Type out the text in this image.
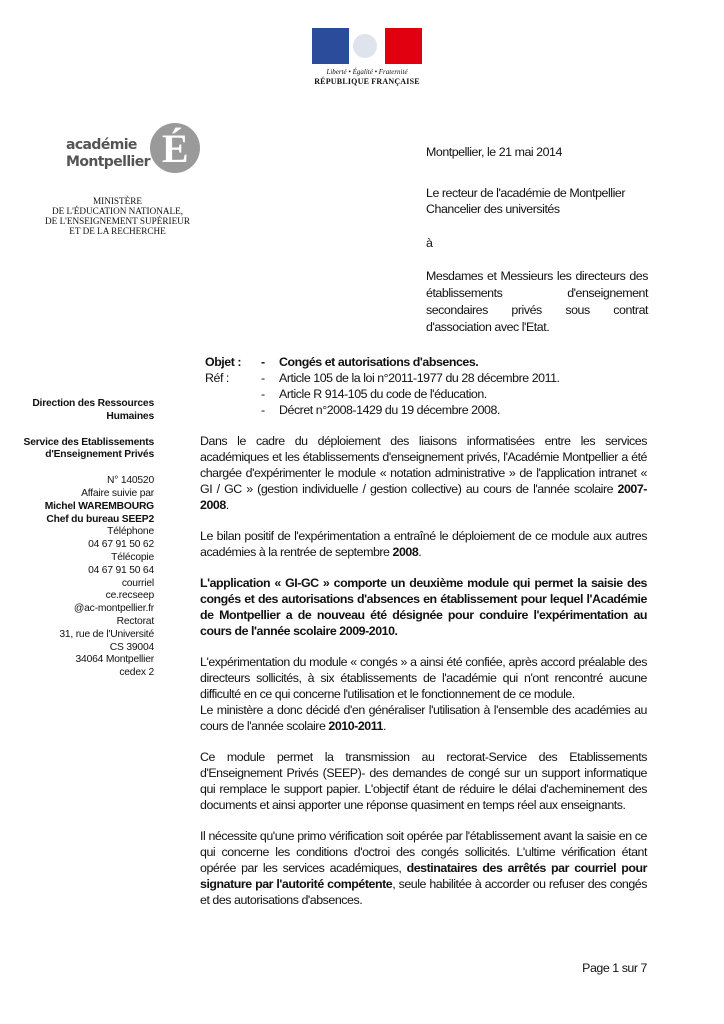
Liberté • Égalité • Fraternité
RÉPUBLIQUE FRANÇAISE
académie
Montpellier É
MINISTÈRE
DE L'ÉDUCATION NATIONALE,
DE L'ENSEIGNEMENT SUPÉRIEUR
ET DE LA RECHERCHE
Montpellier, le 21 mai 2014
Le recteur de l'académie de Montpellier
Chancelier des universités
à
Mesdames et Messieurs les directeurs des établissements d'enseignement secondaires privés sous contrat d'association avec l'Etat.
Direction des Ressources
Humaines
Service des Etablissements
d'Enseignement Privés
N° 140520
Affaire suivie par
Michel WAREMBOURG
Chef du bureau SEEP2
Téléphone
04 67 91 50 62
Télécopie
04 67 91 50 64
courriel
ce.recseep
@ac-montpellier.fr
Rectorat
31, rue de l'Université
CS 39004
34064 Montpellier
cedex 2
Objet :	-	Congés et autorisations d'absences.
Réf :	-	Article 105 de la loi n°2011-1977 du 28 décembre 2011.
-	Article R 914-105 du code de l'éducation.
-	Décret n°2008-1429 du 19 décembre 2008.
Dans le cadre du déploiement des liaisons informatisées entre les services académiques et les établissements d'enseignement privés, l'Académie Montpellier a été chargée d'expérimenter le module « notation administrative » de l'application intranet « GI / GC » (gestion individuelle / gestion collective) au cours de l'année scolaire 2007-2008.
Le bilan positif de l'expérimentation a entraîné le déploiement de ce module aux autres académies à la rentrée de septembre 2008.
L'application « GI-GC » comporte un deuxième module qui permet la saisie des congés et des autorisations d'absences en établissement pour lequel l'Académie de Montpellier a de nouveau été désignée pour conduire l'expérimentation au cours de l'année scolaire 2009-2010.
L'expérimentation du module « congés » a ainsi été confiée, après accord préalable des directeurs sollicités, à six établissements de l'académie qui n'ont rencontré aucune difficulté en ce qui concerne l'utilisation et le fonctionnement de ce module.
Le ministère a donc décidé d'en généraliser l'utilisation à l'ensemble des académies au cours de l'année scolaire 2010-2011.
Ce module permet la transmission au rectorat-Service des Etablissements d'Enseignement Privés (SEEP)- des demandes de congé sur un support informatique qui remplace le support papier. L'objectif étant de réduire le délai d'acheminement des documents et ainsi apporter une réponse quasiment en temps réel aux enseignants.
Il nécessite qu'une primo vérification soit opérée par l'établissement avant la saisie en ce qui concerne les conditions d'octroi des congés sollicités. L'ultime vérification étant opérée par les services académiques, destinataires des arrêtés par courriel pour signature par l'autorité compétente, seule habilitée à accorder ou refuser des congés et des autorisations d'absences.
Page 1 sur 7
